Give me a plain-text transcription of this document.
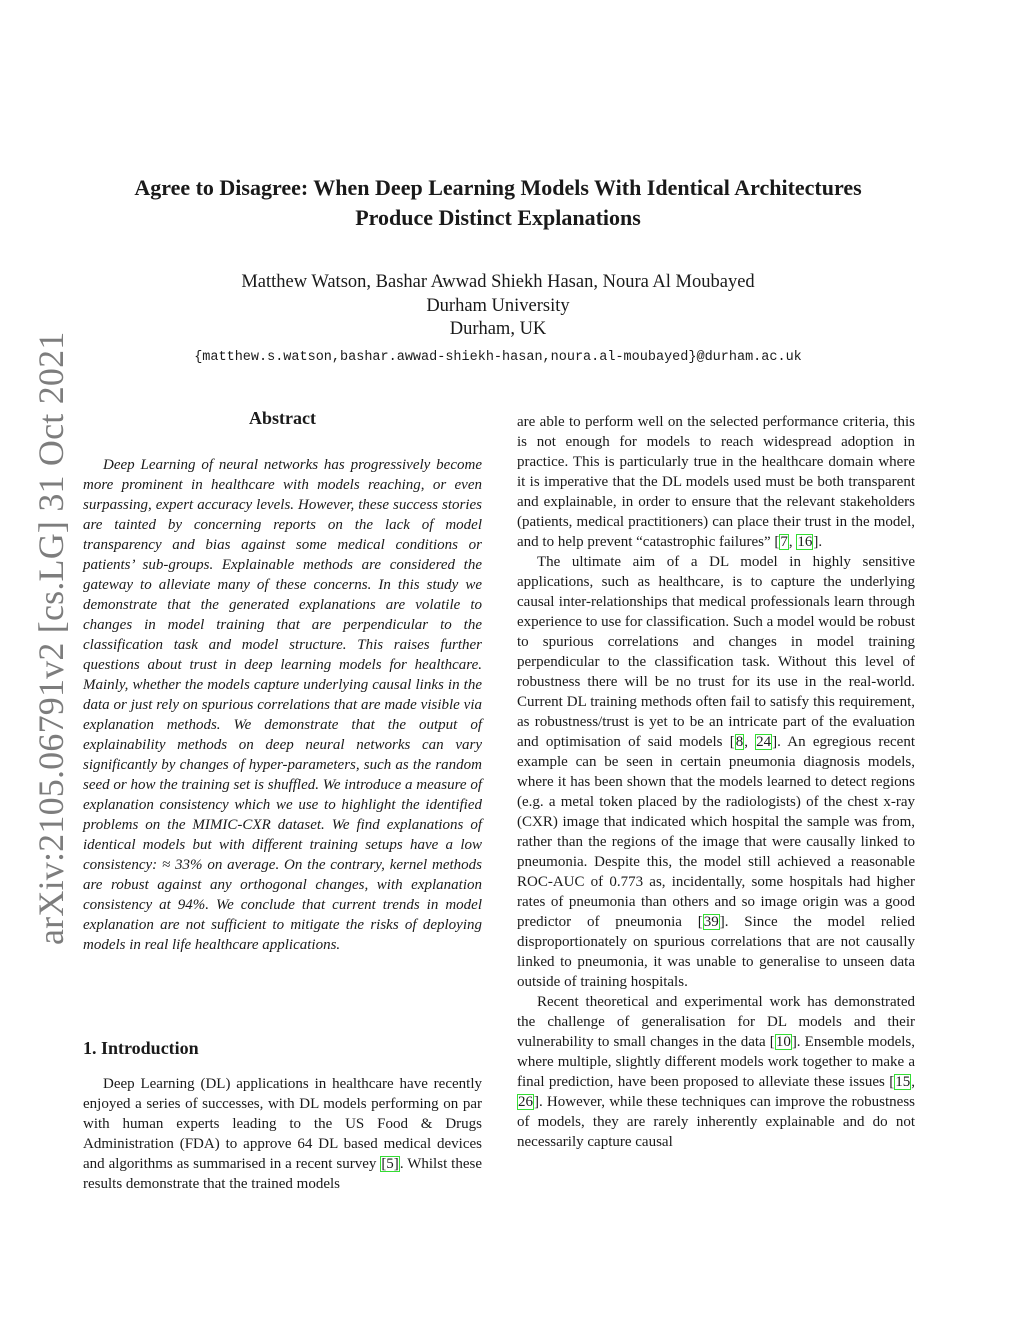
arXiv:2105.06791v2 [cs.LG] 31 Oct 2021
Agree to Disagree: When Deep Learning Models With Identical Architectures
Produce Distinct Explanations
Matthew Watson, Bashar Awwad Shiekh Hasan, Noura Al Moubayed
Durham University
Durham, UK
{matthew.s.watson,bashar.awwad-shiekh-hasan,noura.al-moubayed}@durham.ac.uk
Abstract

Deep Learning of neural networks has progressively become more prominent in healthcare with models reaching, or even surpassing, expert accuracy levels. However, these success stories are tainted by concerning reports on the lack of model transparency and bias against some medical conditions or patients’ sub-groups. Explainable methods are considered the gateway to alleviate many of these concerns. In this study we demonstrate that the generated explanations are volatile to changes in model training that are perpendicular to the classification task and model structure. This raises further questions about trust in deep learning models for healthcare. Mainly, whether the models capture underlying causal links in the data or just rely on spurious correlations that are made visible via explanation methods. We demonstrate that the output of explainability methods on deep neural networks can vary significantly by changes of hyper-parameters, such as the random seed or how the training set is shuffled. We introduce a measure of explanation consistency which we use to highlight the identified problems on the MIMIC-CXR dataset. We find explanations of identical models but with different training setups have a low consistency: ≈ 33% on average. On the contrary, kernel methods are robust against any orthogonal changes, with explanation consistency at 94%. We conclude that current trends in model explanation are not sufficient to mitigate the risks of deploying models in real life healthcare applications.

1. Introduction

Deep Learning (DL) applications in healthcare have recently enjoyed a series of successes, with DL models performing on par with human experts leading to the US Food & Drugs Administration (FDA) to approve 64 DL based medical devices and algorithms as summarised in a recent survey [5]. Whilst these results demonstrate that the trained models

are able to perform well on the selected performance criteria, this is not enough for models to reach widespread adoption in practice. This is particularly true in the healthcare domain where it is imperative that the DL models used must be both transparent and explainable, in order to ensure that the relevant stakeholders (patients, medical practitioners) can place their trust in the model, and to help prevent “catastrophic failures” [7, 16].

The ultimate aim of a DL model in highly sensitive applications, such as healthcare, is to capture the underlying causal inter-relationships that medical professionals learn through experience to use for classification. Such a model would be robust to spurious correlations and changes in model training perpendicular to the classification task. Without this level of robustness there will be no trust for its use in the real-world. Current DL training methods often fail to satisfy this requirement, as robustness/trust is yet to be an intricate part of the evaluation and optimisation of said models [8, 24]. An egregious recent example can be seen in certain pneumonia diagnosis models, where it has been shown that the models learned to detect regions (e.g. a metal token placed by the radiologists) of the chest x-ray (CXR) image that indicated which hospital the sample was from, rather than the regions of the image that were causally linked to pneumonia. Despite this, the model still achieved a reasonable ROC-AUC of 0.773 as, incidentally, some hospitals had higher rates of pneumonia than others and so image origin was a good predictor of pneumonia [39]. Since the model relied disproportionately on spurious correlations that are not causally linked to pneumonia, it was unable to generalise to unseen data outside of training hospitals.

Recent theoretical and experimental work has demonstrated the challenge of generalisation for DL models and their vulnerability to small changes in the data [10]. Ensemble models, where multiple, slightly different models work together to make a final prediction, have been proposed to alleviate these issues [15, 26]. However, while these techniques can improve the robustness of models, they are rarely inherently explainable and do not necessarily capture causal
